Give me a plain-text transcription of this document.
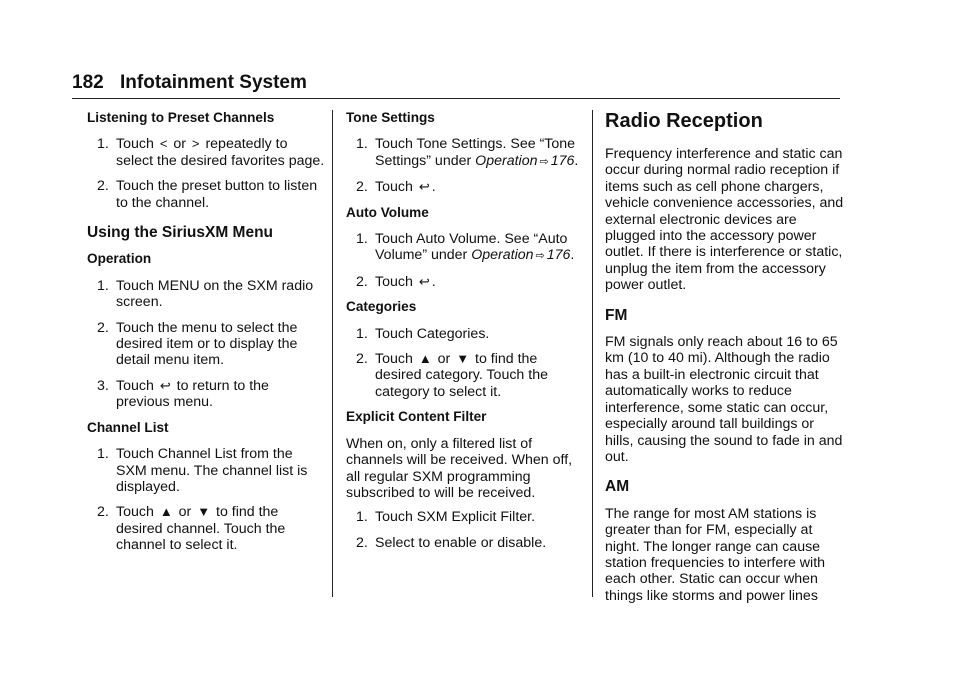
182 Infotainment System
Listening to Preset Channels
1. Touch < or > repeatedly to select the desired favorites page.
2. Touch the preset button to listen to the channel.
Using the SiriusXM Menu
Operation
1. Touch MENU on the SXM radio screen.
2. Touch the menu to select the desired item or to display the detail menu item.
3. Touch ↩ to return to the previous menu.
Channel List
1. Touch Channel List from the SXM menu. The channel list is displayed.
2. Touch ▲ or ▼ to find the desired channel. Touch the channel to select it.
Tone Settings
1. Touch Tone Settings. See “Tone Settings” under Operation ⇨ 176.
2. Touch ↩ .
Auto Volume
1. Touch Auto Volume. See “Auto Volume” under Operation ⇨ 176.
2. Touch ↩ .
Categories
1. Touch Categories.
2. Touch ▲ or ▼ to find the desired category. Touch the category to select it.
Explicit Content Filter
When on, only a filtered list of channels will be received. When off, all regular SXM programming subscribed to will be received.
1. Touch SXM Explicit Filter.
2. Select to enable or disable.
Radio Reception
Frequency interference and static can occur during normal radio reception if items such as cell phone chargers, vehicle convenience accessories, and external electronic devices are plugged into the accessory power outlet. If there is interference or static, unplug the item from the accessory power outlet.
FM
FM signals only reach about 16 to 65 km (10 to 40 mi). Although the radio has a built-in electronic circuit that automatically works to reduce interference, some static can occur, especially around tall buildings or hills, causing the sound to fade in and out.
AM
The range for most AM stations is greater than for FM, especially at night. The longer range can cause station frequencies to interfere with each other. Static can occur when things like storms and power lines
